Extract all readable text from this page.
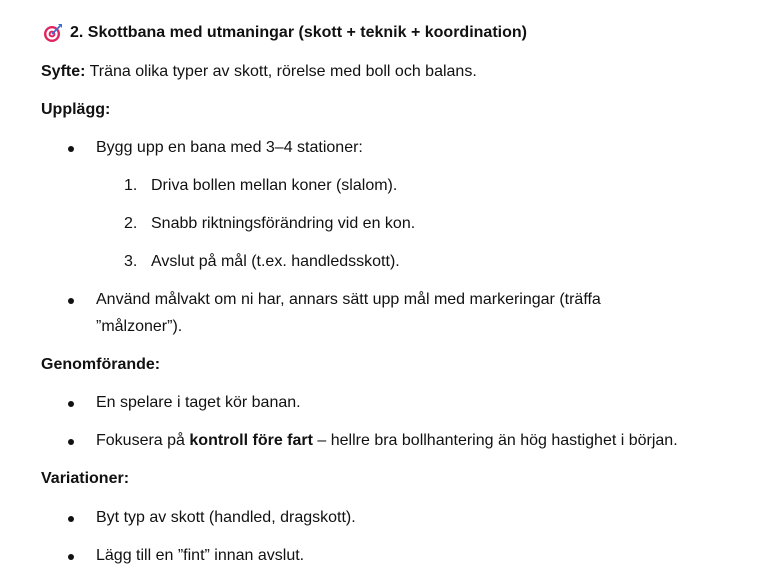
2. Skottbana med utmaningar (skott + teknik + koordination)
Syfte: Träna olika typer av skott, rörelse med boll och balans.
Upplägg:
Bygg upp en bana med 3–4 stationer:
1. Driva bollen mellan koner (slalom).
2. Snabb riktningsförändring vid en kon.
3. Avslut på mål (t.ex. handledsskott).
Använd målvakt om ni har, annars sätt upp mål med markeringar (träffa
”målzoner”).
Genomförande:
En spelare i taget kör banan.
Fokusera på kontroll före fart – hellre bra bollhantering än hög hastighet i början.
Variationer:
Byt typ av skott (handled, dragskott).
Lägg till en ”fint” innan avslut.
